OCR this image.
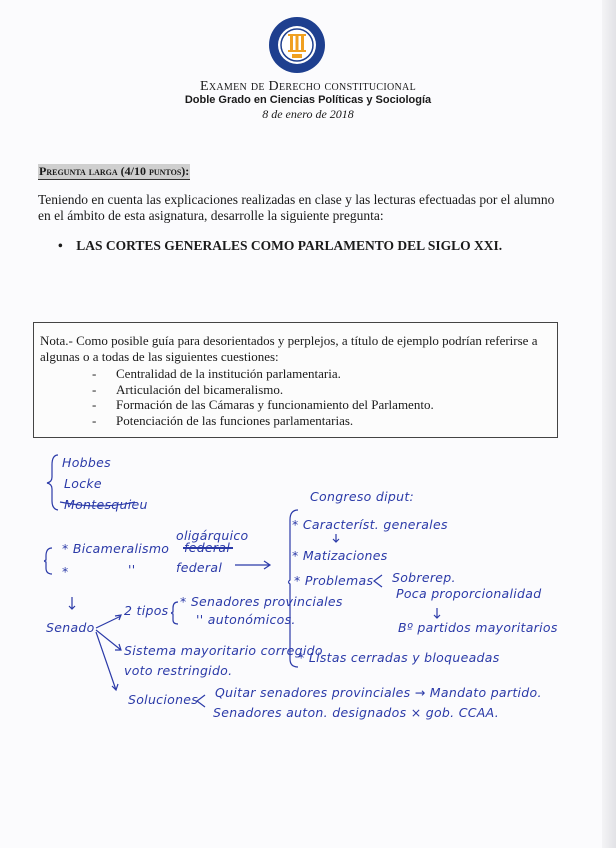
Examen de Derecho constitucional
Doble Grado en Ciencias Políticas y Sociología
8 de enero de 2018
Pregunta larga (4/10 puntos):
Teniendo en cuenta las explicaciones realizadas en clase y las lecturas efectuadas por el alumno en el ámbito de esta asignatura, desarrolle la siguiente pregunta:
•    LAS CORTES GENERALES COMO PARLAMENTO DEL SIGLO XXI.
Nota.- Como posible guía para desorientados y perplejos, a título de ejemplo podrían referirse a algunas o a todas de las siguientes cuestiones:
- Centralidad de la institución parlamentaria.
- Articulación del bicameralismo.
- Formación de las Cámaras y funcionamiento del Parlamento.
- Potenciación de las funciones parlamentarias.
Hobbes
Locke
Montesquieu
* Bicameralismo
oligárquico
federal
*	''	federal
Congreso diput:
* Característ. generales
* Matizaciones
* Problemas Sobrerep.
Poca proporcionalidad
Bº partidos mayoritarios
* Listas cerradas y bloqueadas
Senado
2 tipos
* Senadores provinciales
'' autonómicos.
Sistema mayoritario corregido
voto restringido.
Soluciones Quitar senadores provinciales → Mandato partido.
Senadores auton. designados × gob. CCAA.
